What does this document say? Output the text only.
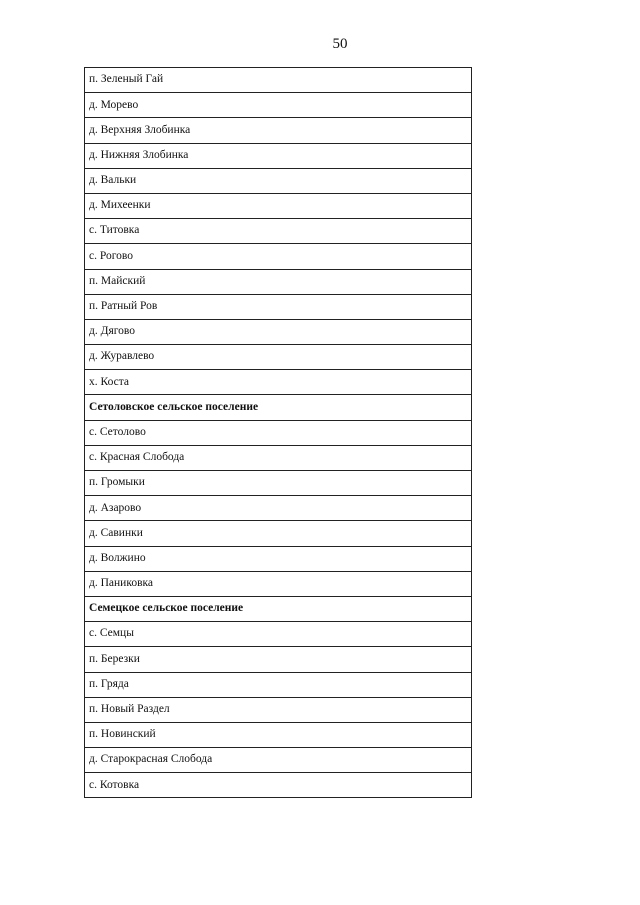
50
п. Зеленый Гай
д. Морево
д. Верхняя Злобинка
д. Нижняя Злобинка
д. Вальки
д. Михеенки
с. Титовка
с. Рогово
п. Майский
п. Ратный Ров
д. Дягово
д. Журавлево
х. Коста
Сетоловское сельское поселение
с. Сетолово
с. Красная Слобода
п. Громыки
д. Азарово
д. Савинки
д. Волжино
д. Паниковка
Семецкое сельское поселение
с. Семцы
п. Березки
п. Гряда
п. Новый Раздел
п. Новинский
д. Старокрасная Слобода
с. Котовка
